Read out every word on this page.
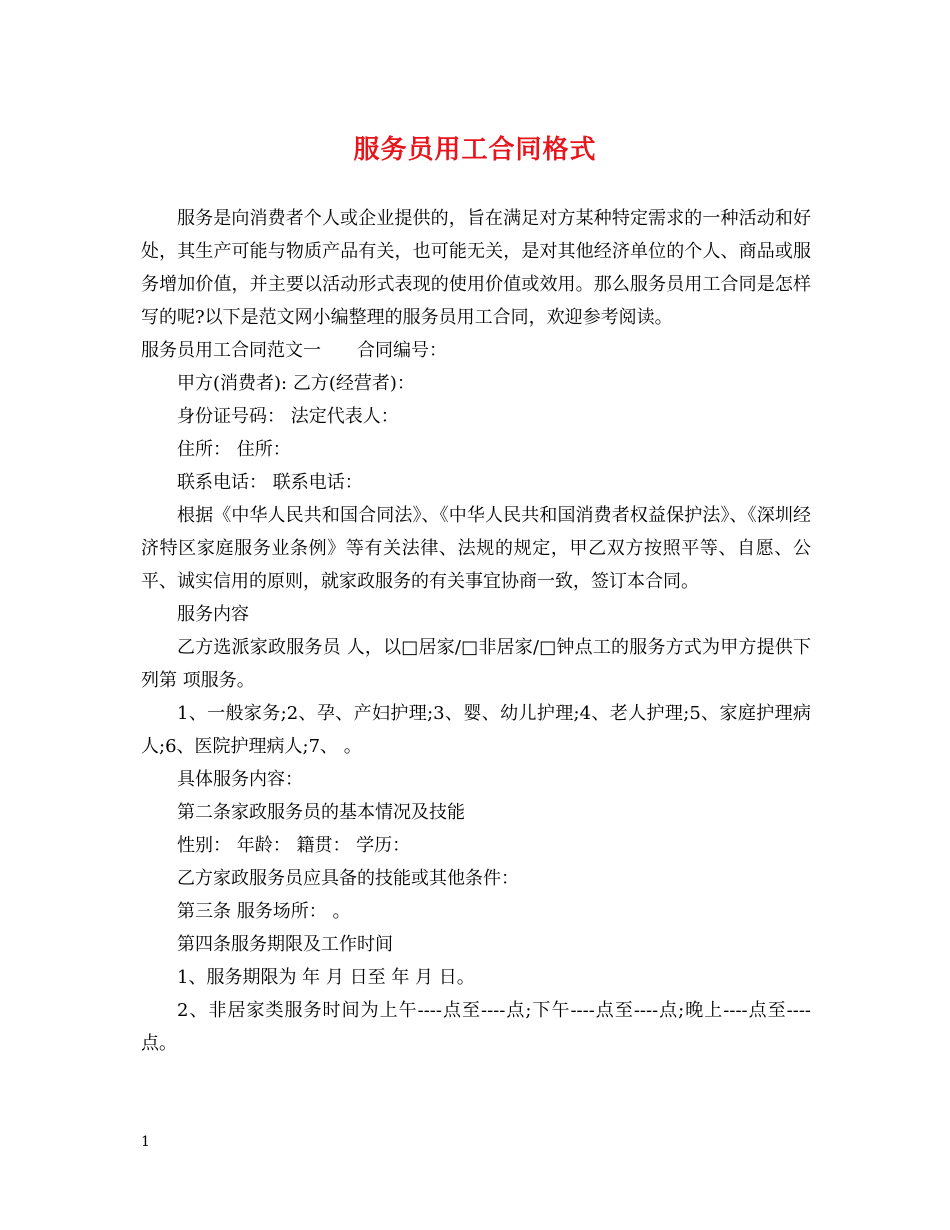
服务员用工合同格式

服务是向消费者个人或企业提供的，旨在满足对方某种特定需求的一种活动和好处，其生产可能与物质产品有关，也可能无关，是对其他经济单位的个人、商品或服务增加价值，并主要以活动形式表现的使用价值或效用。那么服务员用工合同是怎样写的呢?以下是范文网小编整理的服务员用工合同，欢迎参考阅读。

服务员用工合同范文一　　合同编号：

甲方(消费者): 乙方(经营者)：

身份证号码： 法定代表人：

住所： 住所：

联系电话： 联系电话：

根据《中华人民共和国合同法》、《中华人民共和国消费者权益保护法》、《深圳经济特区家庭服务业条例》等有关法律、法规的规定，甲乙双方按照平等、自愿、公平、诚实信用的原则，就家政服务的有关事宜协商一致，签订本合同。

服务内容

乙方选派家政服务员 人，以□居家/□非居家/□钟点工的服务方式为甲方提供下列第 项服务。

1、一般家务;2、孕、产妇护理;3、婴、幼儿护理;4、老人护理;5、家庭护理病人;6、医院护理病人;7、 。

具体服务内容：

第二条家政服务员的基本情况及技能

性别： 年龄： 籍贯： 学历：

乙方家政服务员应具备的技能或其他条件：

第三条 服务场所： 。

第四条服务期限及工作时间

1、服务期限为 年 月 日至 年 月 日。

2、非居家类服务时间为上午----点至----点;下午----点至----点;晚上----点至----点。

1
